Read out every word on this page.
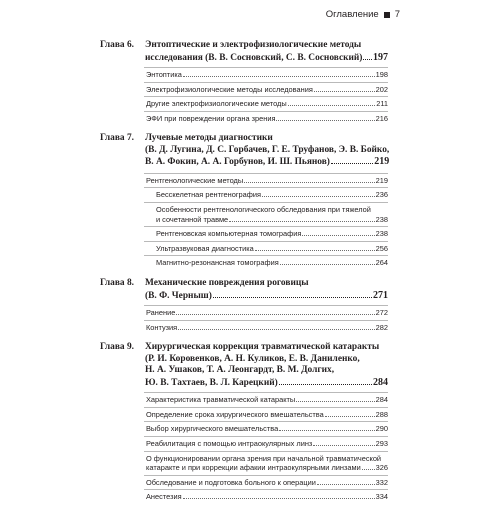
Оглавление 7
Глава 6.	Энтоптические и электрофизиологические методы
исследования (В. В. Сосновский, С. В. Сосновский) 197
Энтоптика	198
Электрофизиологические методы исследования	202
Другие электрофизиологические методы	211
ЭФИ при повреждении органа зрения	216
Глава 7.	Лучевые методы диагностики
(В. Д. Лугина, Д. С. Горбачев, Г. Е. Труфанов, Э. В. Бойко,
В. А. Фокин, А. А. Горбунов, И. Ш. Пьянов)	219
Рентгенологические методы	219
Бесскелетная рентгенография	236
Особенности рентгенологического обследования при тяжелой
и сочетанной травме	238
Рентгеновская компьютерная томография	238
Ультразвуковая диагностика	256
Магнитно-резонансная томография	264
Глава 8.	Механические повреждения роговицы
(В. Ф. Черныш)	271
Ранение	272
Контузия	282
Глава 9.	Хирургическая коррекция травматической катаракты
(Р. И. Коровенков, А. Н. Куликов, Е. В. Даниленко,
Н. А. Ушаков, Т. А. Леонгардт, В. М. Долгих,
Ю. В. Тахтаев, В. Л. Карецкий)	284
Характеристика травматической катаракты	284
Определение срока хирургического вмешательства	288
Выбор хирургического вмешательства	290
Реабилитация с помощью интраокулярных линз	293
О функционировании органа зрения при начальной травматической
катаракте и при коррекции афакии интраокулярными линзами 326
Обследование и подготовка больного к операции	332
Анестезия	334
